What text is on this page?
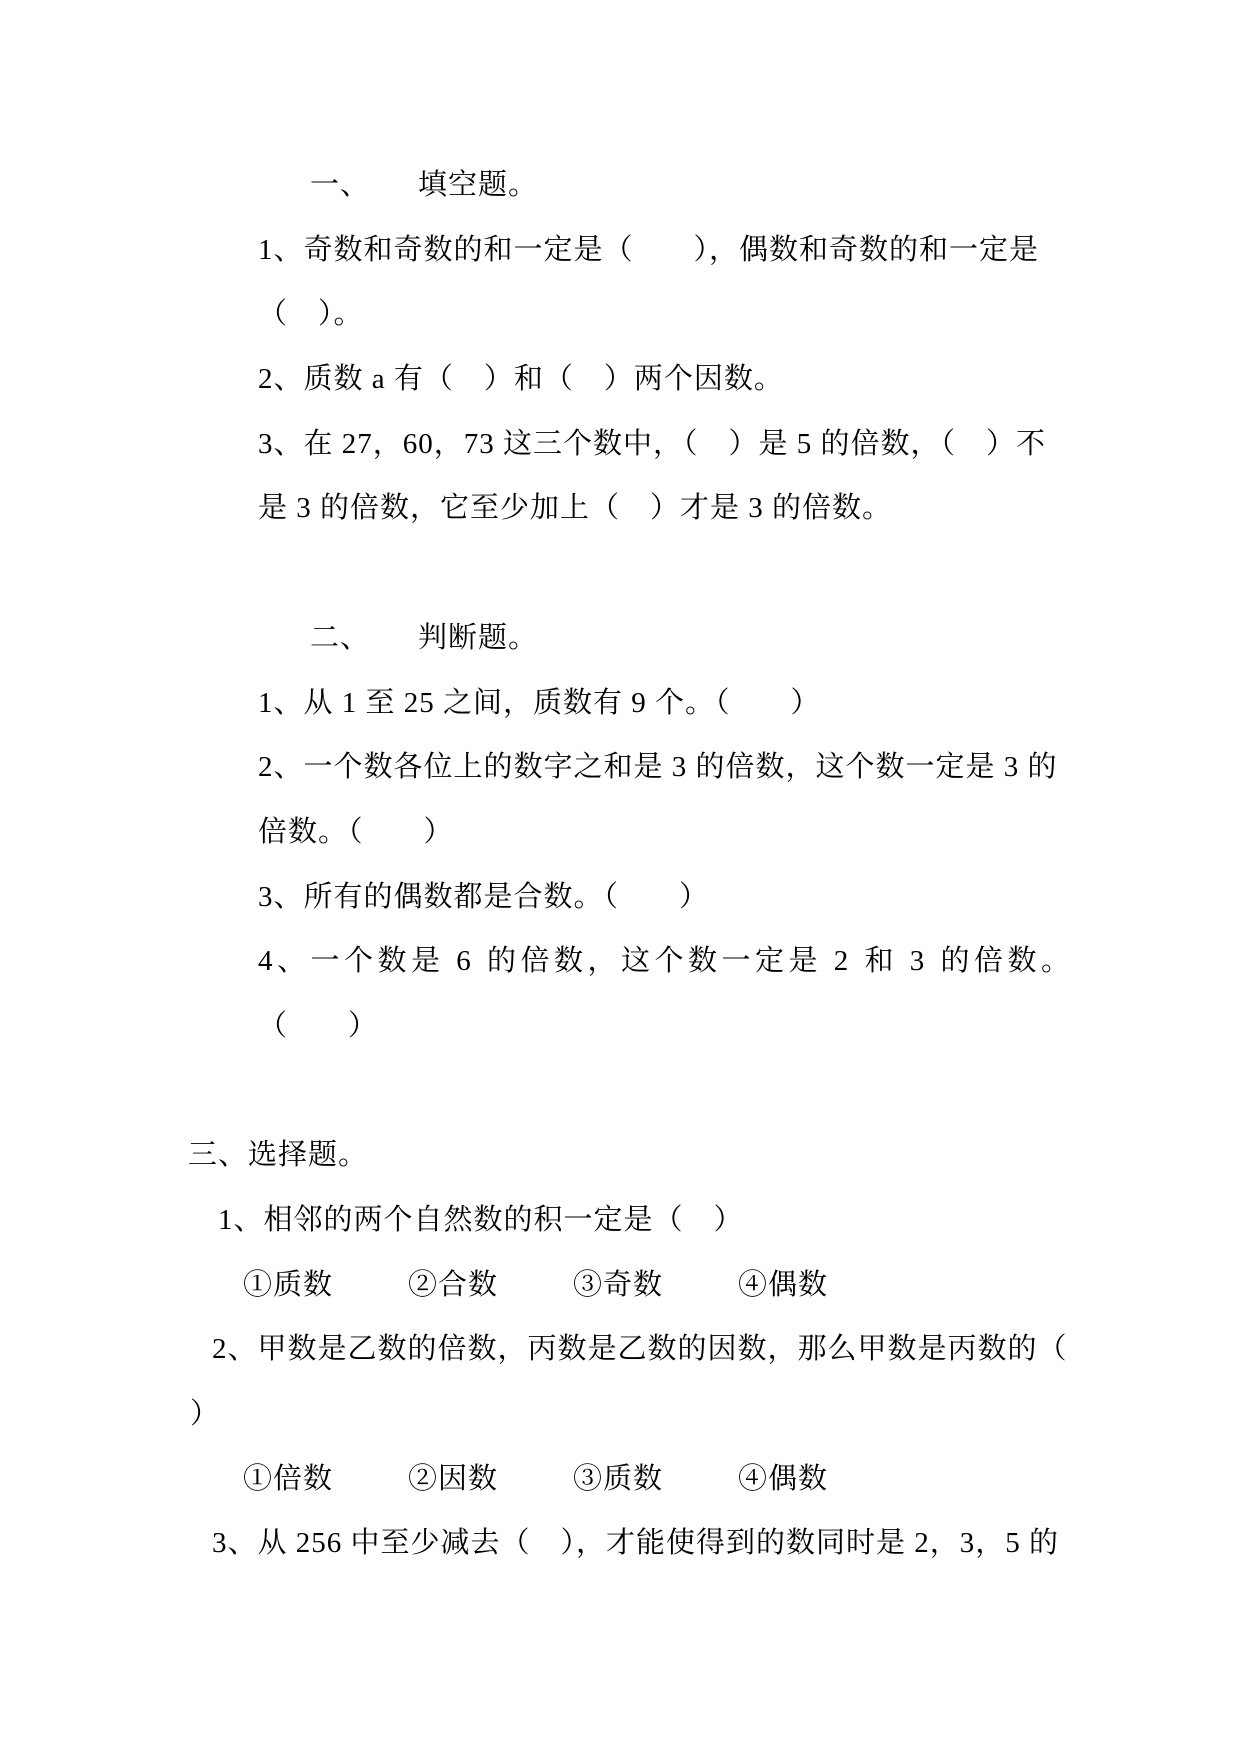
一、 填空题。
1、奇数和奇数的和一定是（　　），偶数和奇数的和一定是
（　）。
2、质数 a 有（　）和（　）两个因数。
3、在 27，60，73 这三个数中，（　）是 5 的倍数，（　）不
是 3 的倍数，它至少加上（　）才是 3 的倍数。
二、 判断题。
1、从 1 至 25 之间，质数有 9 个。（　　）
2、一个数各位上的数字之和是 3 的倍数，这个数一定是 3 的
倍数。（　　）
3、所有的偶数都是合数。（　　）
4、一个数是 6 的倍数，这个数一定是 2 和 3 的倍数。
（　　）
三、选择题。
1、相邻的两个自然数的积一定是（　）
①质数	②合数	③奇数	④偶数
2、甲数是乙数的倍数，丙数是乙数的因数，那么甲数是丙数的（
）
①倍数	②因数	③质数	④偶数
3、从 256 中至少减去（　），才能使得到的数同时是 2，3，5 的
